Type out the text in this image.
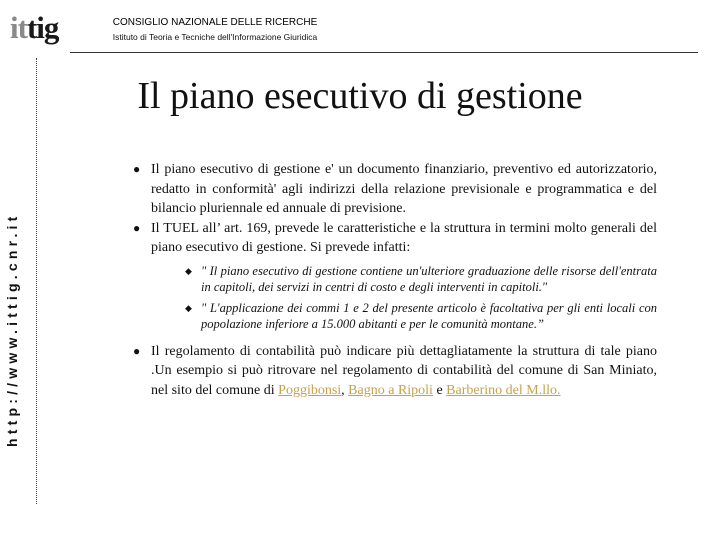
ittig	CONSIGLIO NAZIONALE DELLE RICERCHE
Istituto di Teoria e Tecniche dell'Informazione Giuridica
http://www.ittig.cnr.it
Il piano esecutivo di gestione
● Il piano esecutivo di gestione e' un documento finanziario, preventivo ed autorizzatorio, redatto in conformità' agli indirizzi della relazione previsionale e programmatica e del bilancio pluriennale ed annuale di previsione.
● Il TUEL all’ art. 169, prevede le caratteristiche e la struttura in termini molto generali del piano esecutivo di gestione. Si prevede infatti:
◆ " Il piano esecutivo di gestione contiene un'ulteriore graduazione delle risorse dell'entrata in capitoli, dei servizi in centri di costo e degli interventi in capitoli."
◆ " L'applicazione dei commi 1 e 2 del presente articolo è facoltativa per gli enti locali con popolazione inferiore a 15.000 abitanti e per le comunità montane.”
● Il regolamento di contabilità può indicare più dettagliatamente la struttura di tale piano .Un esempio si può ritrovare nel regolamento di contabilità del comune di San Miniato, nel sito del comune di Poggibonsi, Bagno a Ripoli e Barberino del M.llo.
